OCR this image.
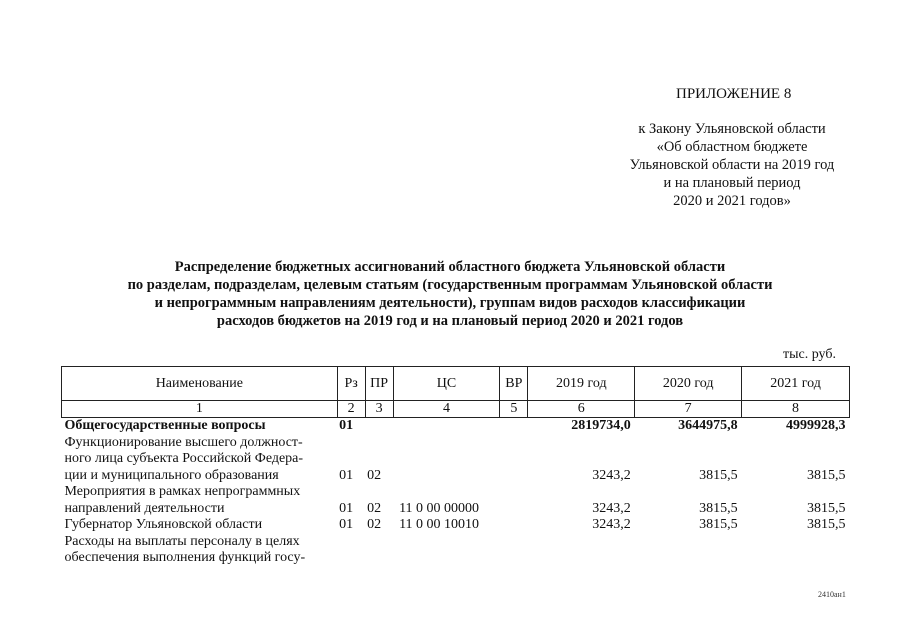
ПРИЛОЖЕНИЕ 8
к Закону Ульяновской области
«Об областном бюджете
Ульяновской области на 2019 год
и на плановый период
2020 и 2021 годов»
Распределение бюджетных ассигнований областного бюджета Ульяновской области
по разделам, подразделам, целевым статьям (государственным программам Ульяновской области
и непрограммным направлениям деятельности), группам видов расходов классификации
расходов бюджетов на 2019 год и на плановый период 2020 и 2021 годов
тыс. руб.
Наименование	Рз	ПР	ЦС	ВР	2019 год	2020 год	2021 год
1	2	3	4	5	6	7	8

Общегосударственные вопросы	01				2819734,0	3644975,8	4999928,3

Функционирование высшего должност-
ного лица субъекта Российской Федера-
ции и муниципального образования	01	02			3243,2	3815,5	3815,5

Мероприятия в рамках непрограммных
направлений деятельности	01	02	11 0 00 00000		3243,2	3815,5	3815,5

Губернатор Ульяновской области	01	02	11 0 00 10010		3243,2	3815,5	3815,5

Расходы на выплаты персоналу в целях
обеспечения выполнения функций госу-							

2410ан1
